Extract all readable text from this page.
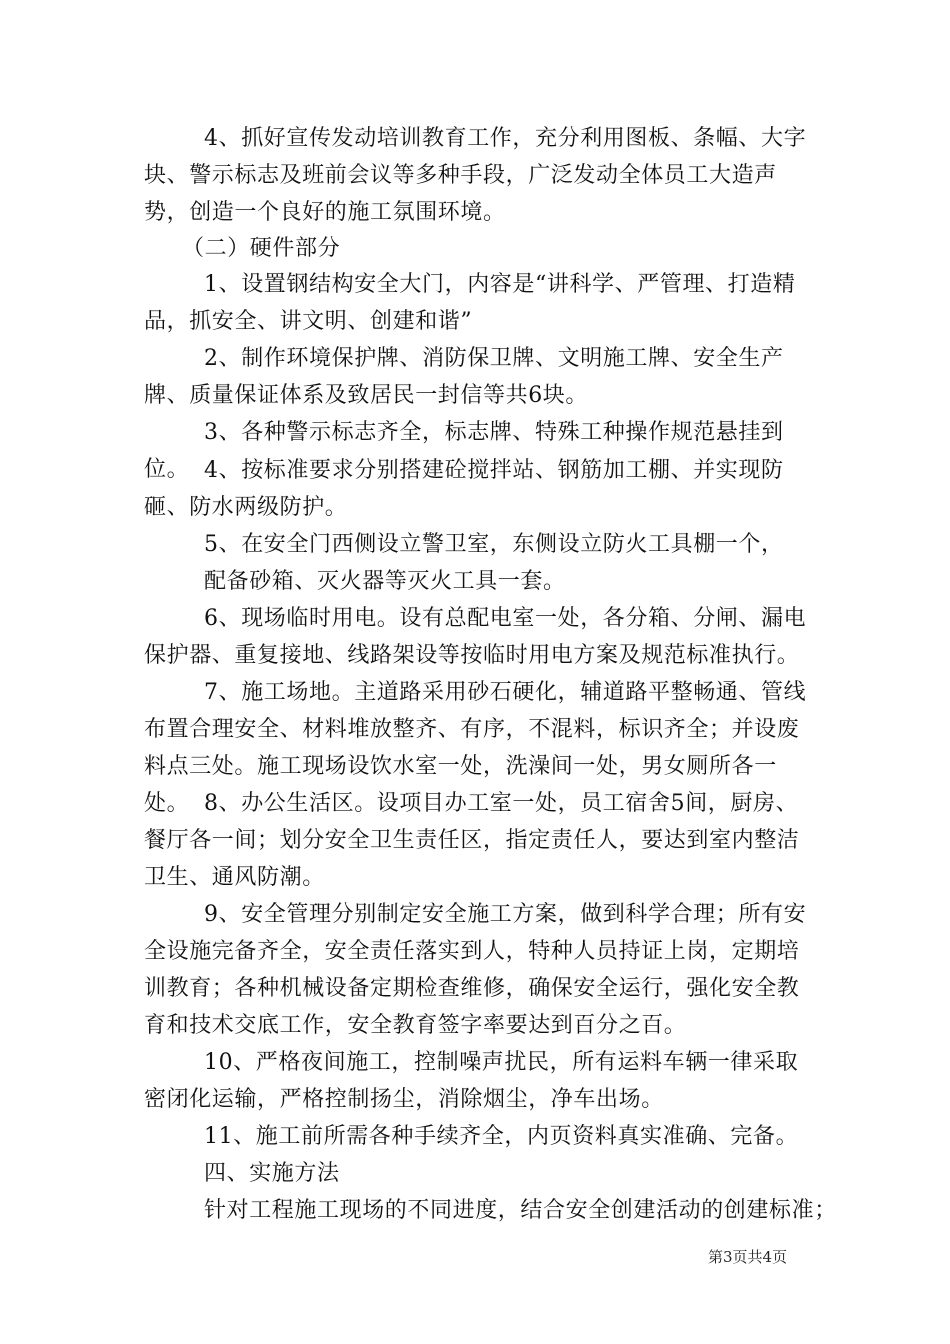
4、抓好宣传发动培训教育工作，充分利用图板、条幅、大字块、警示标志及班前会议等多种手段，广泛发动全体员工大造声势，创造一个良好的施工氛围环境。

（二）硬件部分

1、设置钢结构安全大门，内容是“讲科学、严管理、打造精品，抓安全、讲文明、创建和谐”

2、制作环境保护牌、消防保卫牌、文明施工牌、安全生产牌、质量保证体系及致居民一封信等共6块。

3、各种警示标志齐全，标志牌、特殊工种操作规范悬挂到位。 4、按标准要求分别搭建砼搅拌站、钢筋加工棚、并实现防砸、防水两级防护。

5、在安全门西侧设立警卫室，东侧设立防火工具棚一个，

配备砂箱、灭火器等灭火工具一套。

6、现场临时用电。设有总配电室一处，各分箱、分闸、漏电保护器、重复接地、线路架设等按临时用电方案及规范标准执行。

7、施工场地。主道路采用砂石硬化，辅道路平整畅通、管线布置合理安全、材料堆放整齐、有序，不混料，标识齐全；并设废料点三处。施工现场设饮水室一处，洗澡间一处，男女厕所各一处。 8、办公生活区。设项目办工室一处，员工宿舍5间，厨房、餐厅各一间；划分安全卫生责任区，指定责任人，要达到室内整洁卫生、通风防潮。

9、安全管理分别制定安全施工方案，做到科学合理；所有安全设施完备齐全，安全责任落实到人，特种人员持证上岗，定期培训教育；各种机械设备定期检查维修，确保安全运行，强化安全教育和技术交底工作，安全教育签字率要达到百分之百。

10、严格夜间施工，控制噪声扰民，所有运料车辆一律采取密闭化运输，严格控制扬尘，消除烟尘，净车出场。

11、施工前所需各种手续齐全，内页资料真实准确、完备。

四、实施方法

针对工程施工现场的不同进度，结合安全创建活动的创建标准；

第3页共4页
